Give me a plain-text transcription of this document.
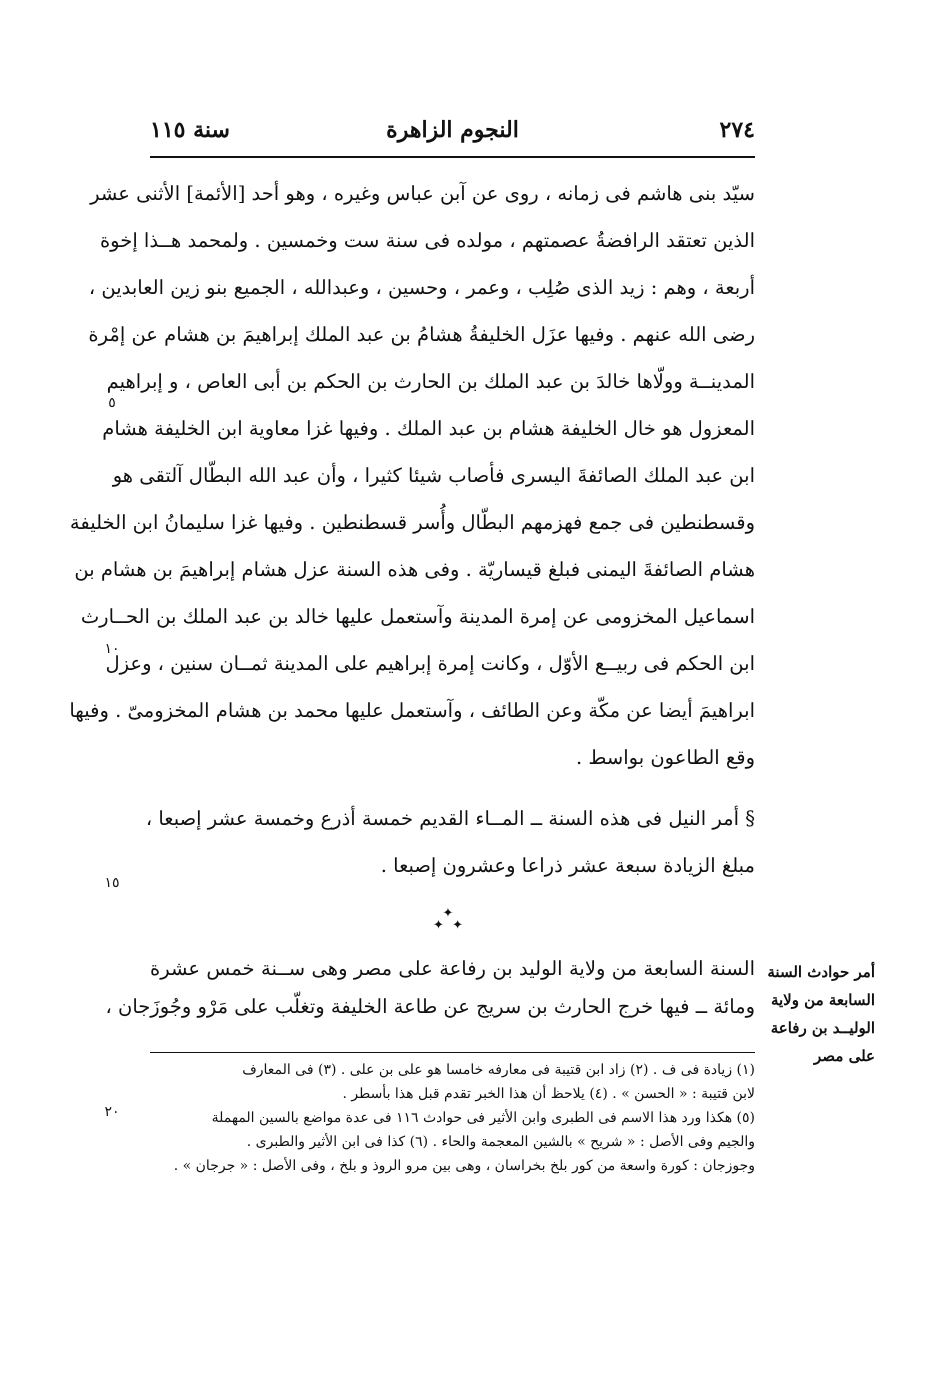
النجوم الزاهرة	٢٧٤
سنة ١١٥
سيّد بنى هاشم فى زمانه ، روى عن آبن عباس وغيره ، وهو أحد [الأئمة] الأثنى عشر
الذين تعتقد الرافضةُ عصمتهم ، مولده فى سنة ست وخمسين . ولمحمد هــذا إخوة
أربعة ، وهم : زيد الذى صُلِب ، وعمر ، وحسين ، وعبدالله ، الجميع بنو زين العابدين ،
رضى الله عنهم . وفيها عزَل الخليفةُ هشامُ بن عبد الملك إبراهيمَ بن هشام عن إمْرة
المدينــة وولّاها خالدَ بن عبد الملك بن الحارث بن الحكم بن أبى العاص ، و إبراهيم
المعزول هو خال الخليفة هشام بن عبد الملك . وفيها غزا معاوية ابن الخليفة هشام
ابن عبد الملك الصائفةَ اليسرى فأصاب شيئا كثيرا ، وأن عبد الله البطّال آلتقى هو
وقسطنطين فى جمع فهزمهم البطّال وأُسر قسطنطين . وفيها غزا سليمانُ ابن الخليفة
هشام الصائفةَ اليمنى فبلغ قيساريّة . وفى هذه السنة عزل هشام إبراهيمَ بن هشام بن
اسماعيل المخزومى عن إمرة المدينة وآستعمل عليها خالد بن عبد الملك بن الحــارث
ابن الحكم فى ربيــع الأوّل ، وكانت إمرة إبراهيم على المدينة ثمــان سنين ، وعزل
ابراهيمَ أيضا عن مكّة وعن الطائف ، وآستعمل عليها محمد بن هشام المخزومىّ . وفيها
وقع الطاعون بواسط .
§ أمر النيل فى هذه السنة ــ المــاء القديم خمسة أذرع وخمسة عشر إصبعا ،
مبلغ الزيادة سبعة عشر ذراعا وعشرون إصبعا .
٥
١٠
١٥
٢٠
✦
✦  ✦
السنة السابعة من ولاية الوليد بن رفاعة على مصر وهى ســنة خمس عشرة
ومائة ــ فيها خرج الحارث بن سريج عن طاعة الخليفة وتغلّب على مَرْو وجُوزَجان ،
أمر حوادث السنة
السابعة من ولاية
الوليــد بن رفاعة
على مصر
(١) زيادة فى ف . (٢) زاد ابن قتيبة فى معارفه خامسا هو على بن على . (٣) فى المعارف
لابن قتيبة : « الحسن » . (٤) يلاحظ أن هذا الخبر تقدم قبل هذا بأسطر .
(٥) هكذا ورد هذا الاسم فى الطبرى وابن الأثير فى حوادث ١١٦ فى عدة مواضع بالسين المهملة
والجيم وفى الأصل : « شريح » بالشين المعجمة والحاء . (٦) كذا فى ابن الأثير والطبرى .
وجوزجان : كورة واسعة من كور بلخ بخراسان ، وهى بين مرو الروذ و بلخ ، وفى الأصل : « جرجان » .
